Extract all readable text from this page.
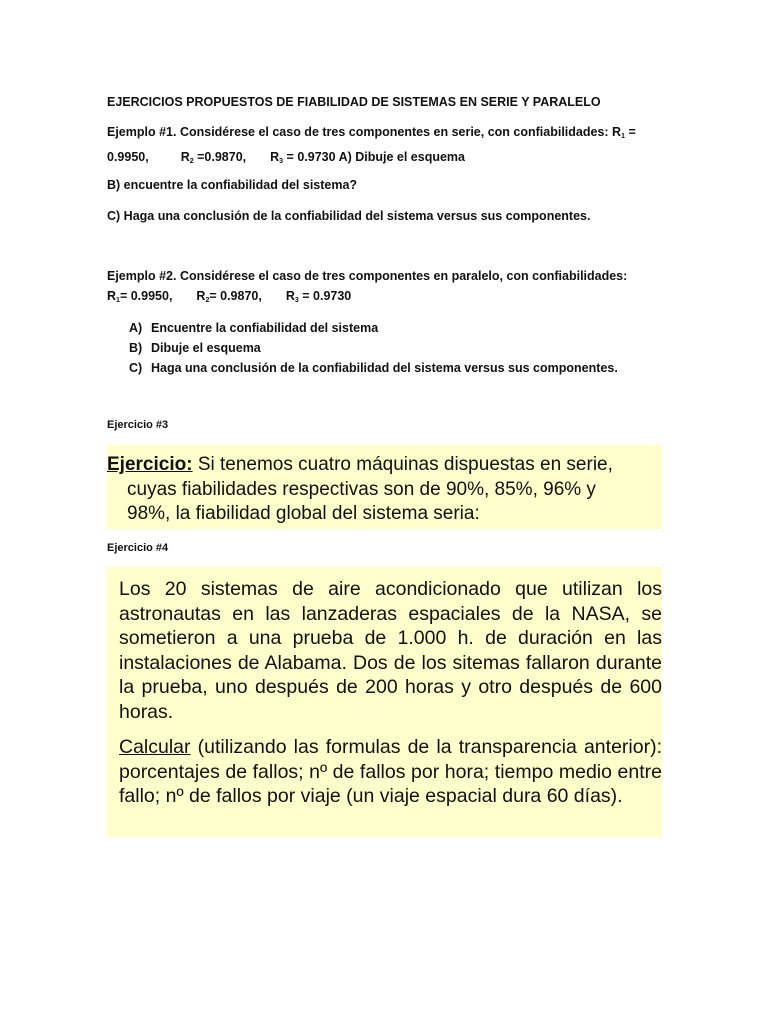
EJERCICIOS PROPUESTOS DE FIABILIDAD DE SISTEMAS EN SERIE Y PARALELO
Ejemplo #1. Considérese el caso de tres componentes en serie, con confiabilidades: $R_1$ =
0.9950,	$R_2 =0.9870$, $R_3 = 0.9730$ A) Dibuje el esquema
B) encuentre la confiabilidad del sistema?
C) Haga una conclusión de la confiabilidad del sistema versus sus componentes.
Ejemplo #2. Considérese el caso de tres componentes en paralelo, con confiabilidades:
$R_1= 0.9950$, $R_2= 0.9870$, $R_3 = 0.9730$
A) Encuentre la confiabilidad del sistema
B) Dibuje el esquema
C) Haga una conclusión de la confiabilidad del sistema versus sus componentes.
Ejercicio #3
Ejercicio: Si tenemos cuatro máquinas dispuestas en serie,
cuyas fiabilidades respectivas son de 90%, 85%, 96% y
98%, la fiabilidad global del sistema seria:
Ejercicio #4
Los 20 sistemas de aire acondicionado que utilizan los astronautas en las lanzaderas espaciales de la NASA, se sometieron a una prueba de 1.000 h. de duración en las instalaciones de Alabama. Dos de los sitemas fallaron durante la prueba, uno después de 200 horas y otro después de 600 horas.
Calcular (utilizando las formulas de la transparencia anterior): porcentajes de fallos; nº de fallos por hora; tiempo medio entre fallo; nº de fallos por viaje (un viaje espacial dura 60 días).
